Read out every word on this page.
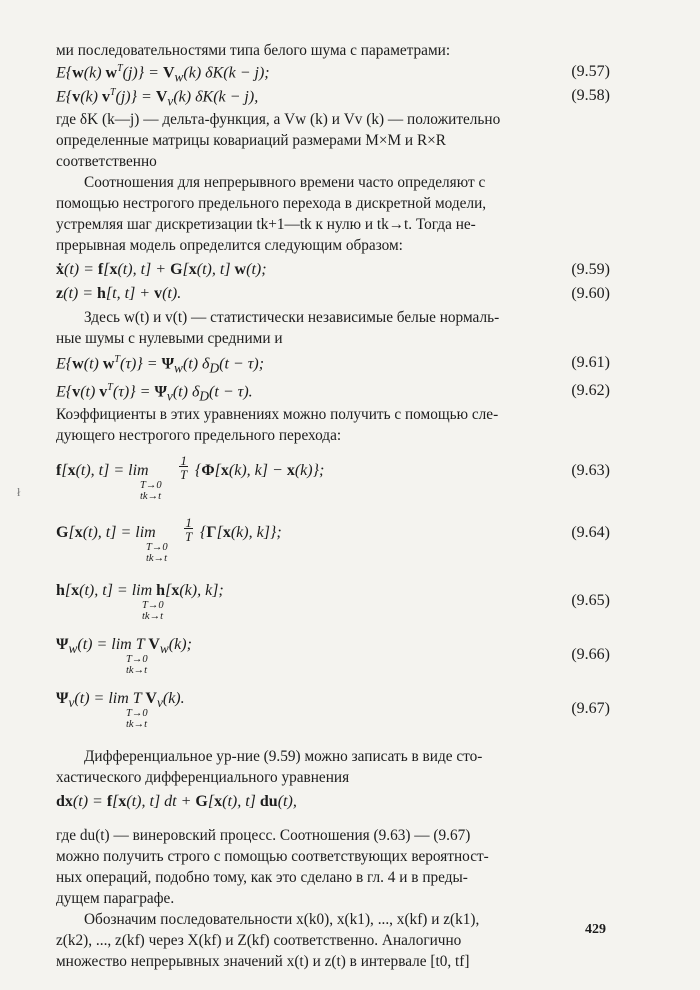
ми последовательностями типа белого шума с параметрами:

E{w(k) $w^T(j)\} = V_w(k) \delta K(k - j)$;	(9.57)
E{v(k) $v^T(j)\} = V_v(k) \delta K(k - j)$,	(9.58)

где δK (k—j) — дельта-функция, а Vw (k) и Vv (k) — положительно

определенные матрицы ковариаций размерами M×M и R×R

соответственно

Соотношения для непрерывного времени часто определяют с

помощью нестрогого предельного перехода в дискретной модели,

устремляя шаг дискретизации tk+1—tk к нулю и tk→t. Тогда не-

прерывная модель определится следующим образом:

ẋ(t) = f[x(t), t] + G[x(t), t] w(t);	(9.59)
z(t) = h[t, t] + v(t).	(9.60)

Здесь w(t) и v(t) — статистически независимые белые нормаль-

ные шумы с нулевыми средними и

E{w(t) $w^T(\tau)\} = \Psi_w(t) \delta_D(t - \tau)$;	(9.61)
E{v(t) $v^T(\tau)\} = \Psi_v(t) \delta_D(t - \tau)$.	(9.62)

Коэффициенты в этих уравнениях можно получить с помощью сле-

дующего нестрогого предельного перехода:

f[x(t), t] = lim
1
T {Φ[x(k), k] − x(k)};
T→0
tk→t
(9.63)
G[x(t), t] = lim
1
T {Γ[x(k), k]};
T→0
tk→t
(9.64)
h[x(t), t] = lim h[x(k), k];
T→0
tk→t
(9.65)
$\Psi_w(t) = \lim T$ $V_w(k)$;
T→0
tk→t
(9.66)
$\Psi_v(t) = \lim T$ $V_v(k)$.
T→0
tk→t
(9.67)

Дифференциальное ур-ние (9.59) можно записать в виде сто-

хастического дифференциального уравнения

dx(t) = f[x(t), t] dt + G[x(t), t] du(t),

где du(t) — винеровский процесс. Соотношения (9.63) — (9.67)

можно получить строго с помощью соответствующих вероятност-

ных операций, подобно тому, как это сделано в гл. 4 и в преды-

дущем параграфе.

Обозначим последовательности x(k0), x(k1), ..., x(kf) и z(k1),

z(k2), ..., z(kf) через X(kf) и Z(kf) соответственно. Аналогично

множество непрерывных значений x(t) и z(t) в интервале [t0, tf]

ł
429
